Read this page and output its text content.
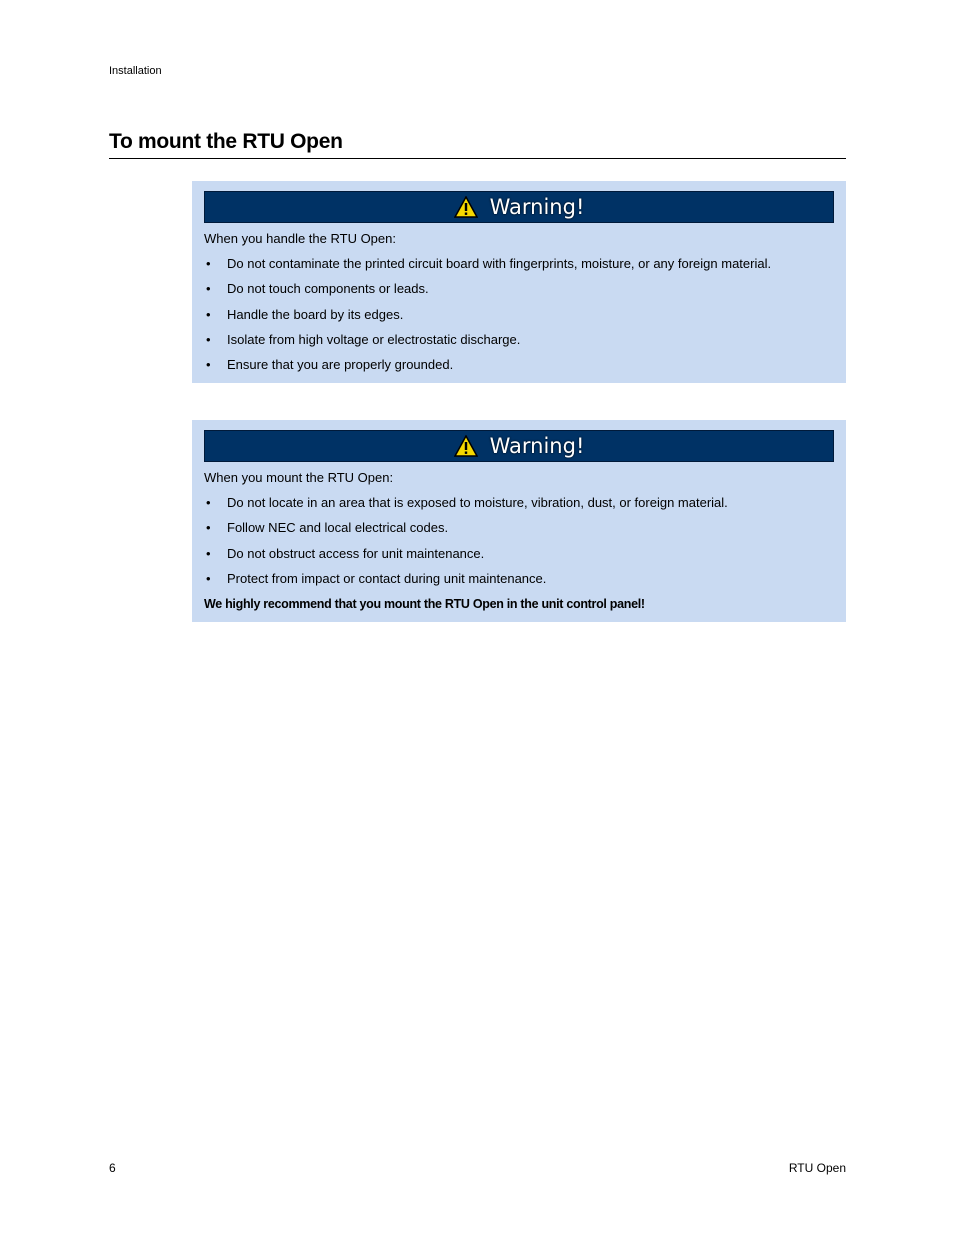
Installation
To mount the RTU Open
Warning!
When you handle the RTU Open:
• Do not contaminate the printed circuit board with fingerprints, moisture, or any foreign material.
• Do not touch components or leads.
• Handle the board by its edges.
• Isolate from high voltage or electrostatic discharge.
• Ensure that you are properly grounded.
Warning!
When you mount the RTU Open:
• Do not locate in an area that is exposed to moisture, vibration, dust, or foreign material.
• Follow NEC and local electrical codes.
• Do not obstruct access for unit maintenance.
• Protect from impact or contact during unit maintenance.
We highly recommend that you mount the RTU Open in the unit control panel!
6	RTU Open
